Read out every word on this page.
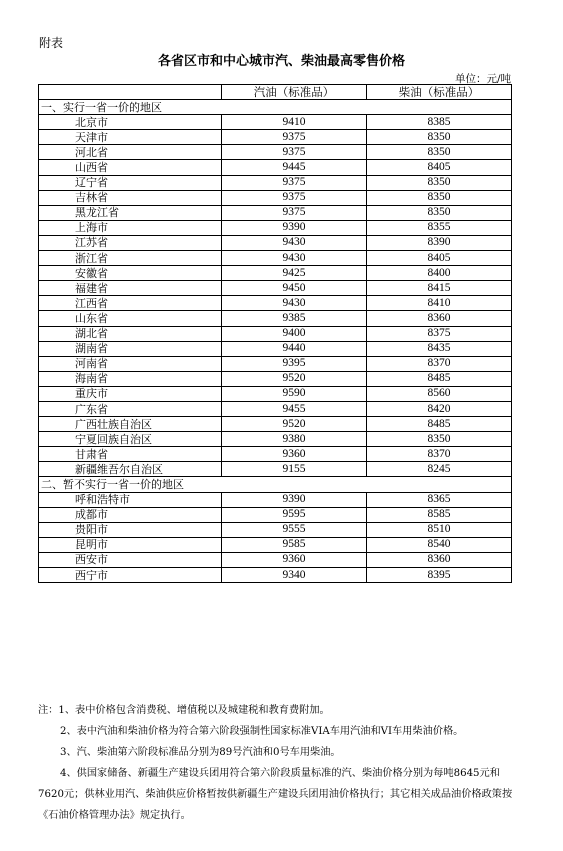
附表
各省区市和中心城市汽、柴油最高零售价格
单位：元/吨
	汽油（标准品）	柴油（标准品）
一、实行一省一价的地区		
北京市	9410	8385
天津市	9375	8350
河北省	9375	8350
山西省	9445	8405
辽宁省	9375	8350
吉林省	9375	8350
黑龙江省	9375	8350
上海市	9390	8355
江苏省	9430	8390
浙江省	9430	8405
安徽省	9425	8400
福建省	9450	8415
江西省	9430	8410
山东省	9385	8360
湖北省	9400	8375
湖南省	9440	8435
河南省	9395	8370
海南省	9520	8485
重庆市	9590	8560
广东省	9455	8420
广西壮族自治区	9520	8485
宁夏回族自治区	9380	8350
甘肃省	9360	8370
新疆维吾尔自治区	9155	8245
二、暂不实行一省一价的地区		
呼和浩特市	9390	8365
成都市	9595	8585
贵阳市	9555	8510
昆明市	9585	8540
西安市	9360	8360
西宁市	9340	8395

注：1、表中价格包含消费税、增值税以及城建税和教育费附加。

2、表中汽油和柴油价格为符合第六阶段强制性国家标准VIA车用汽油和VI车用柴油价格。

3、汽、柴油第六阶段标准品分别为89号汽油和0号车用柴油。

4、供国家储备、新疆生产建设兵团用符合第六阶段质量标准的汽、柴油价格分别为每吨8645元和7620元；供林业用汽、柴油供应价格暂按供新疆生产建设兵团用油价格执行；其它相关成品油价格政策按《石油价格管理办法》规定执行。
